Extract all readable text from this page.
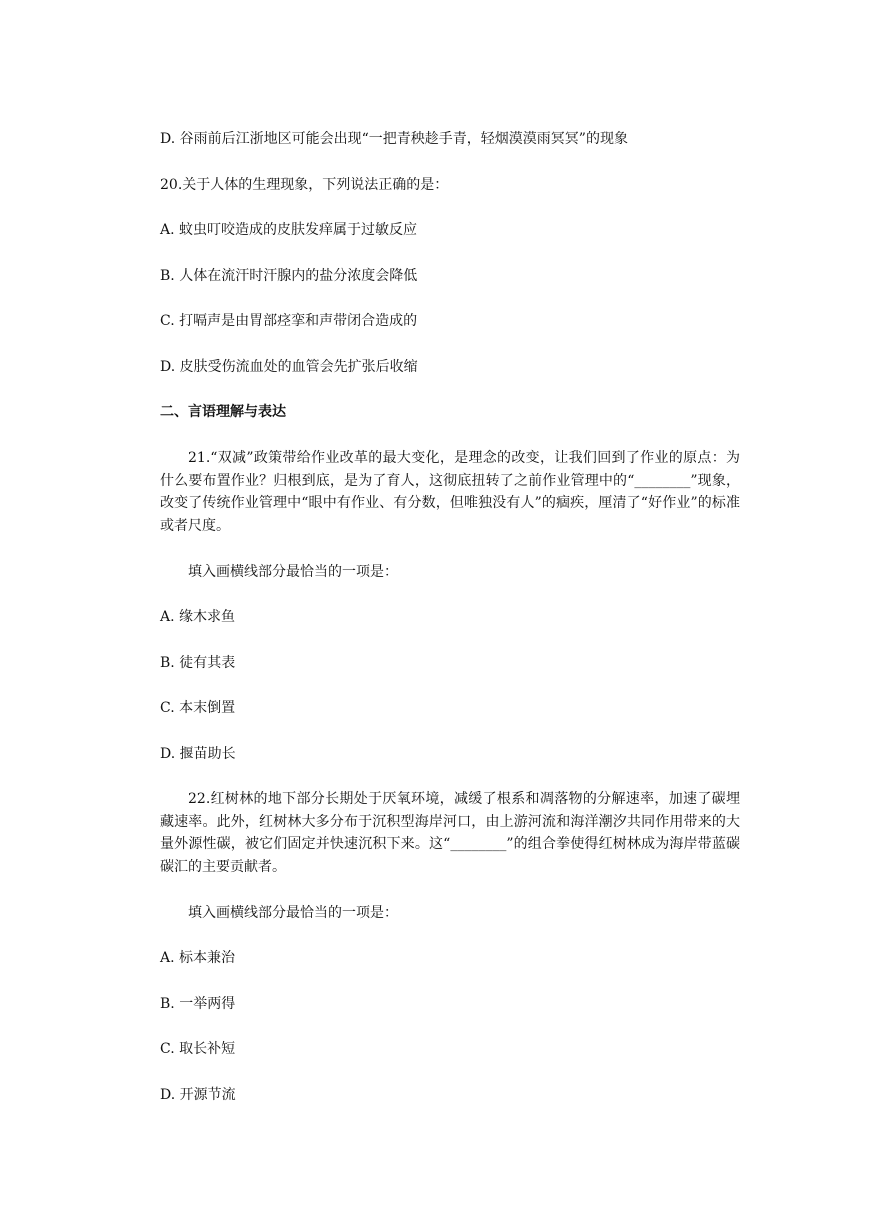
D. 谷雨前后江浙地区可能会出现“一把青秧趁手青，轻烟漠漠雨冥冥”的现象
20.关于人体的生理现象，下列说法正确的是：
A. 蚊虫叮咬造成的皮肤发痒属于过敏反应
B. 人体在流汗时汗腺内的盐分浓度会降低
C. 打嗝声是由胃部痉挛和声带闭合造成的
D. 皮肤受伤流血处的血管会先扩张后收缩
二、言语理解与表达
21.“双减”政策带给作业改革的最大变化，是理念的改变，让我们回到了作业的原点：为什么要布置作业？归根到底，是为了育人，这彻底扭转了之前作业管理中的“________”现象，改变了传统作业管理中“眼中有作业、有分数，但唯独没有人”的痼疾，厘清了“好作业”的标准或者尺度。
填入画横线部分最恰当的一项是：
A. 缘木求鱼
B. 徒有其表
C. 本末倒置
D. 揠苗助长
22.红树林的地下部分长期处于厌氧环境，减缓了根系和凋落物的分解速率，加速了碳埋藏速率。此外，红树林大多分布于沉积型海岸河口，由上游河流和海洋潮汐共同作用带来的大量外源性碳，被它们固定并快速沉积下来。这“________”的组合拳使得红树林成为海岸带蓝碳碳汇的主要贡献者。
填入画横线部分最恰当的一项是：
A. 标本兼治
B. 一举两得
C. 取长补短
D. 开源节流
